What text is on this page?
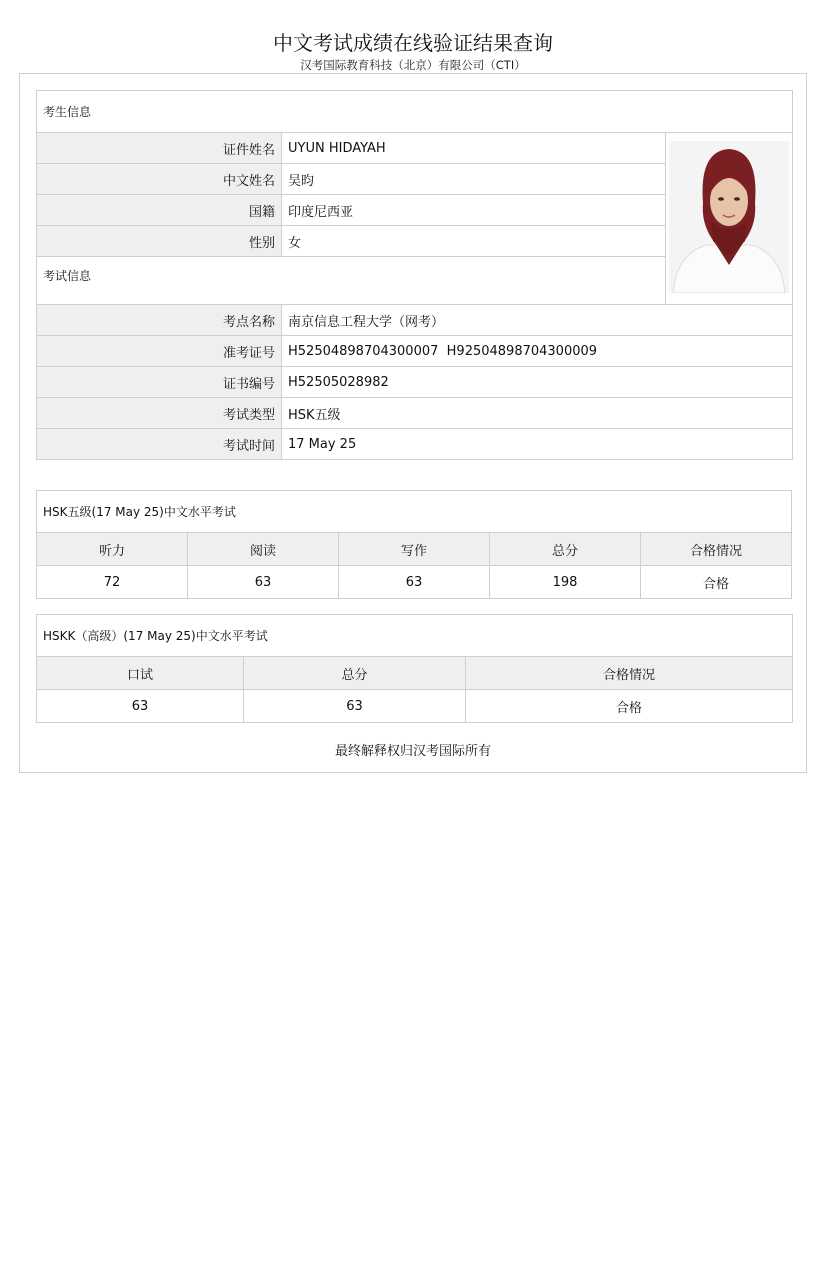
中文考试成绩在线验证结果查询
汉考国际教育科技（北京）有限公司（CTI）
考生信息		
证件姓名	UYUN HIDAYAH	
中文姓名	吴昀	
国籍	印度尼西亚	
性别	女	
考试信息		
考点名称	南京信息工程大学（网考）	
准考证号	H52504898704300007  H92504898704300009	
证书编号	H52505028982	
考试类型	HSK五级	
考试时间	17 May 25	
HSK五级(17 May 25)中文水平考试				
听力	阅读	写作	总分	合格情况
72	63	63	198	合格
HSKK（高级）(17 May 25)中文水平考试		
口试	总分	合格情况
63	63	合格
最终解释权归汉考国际所有
